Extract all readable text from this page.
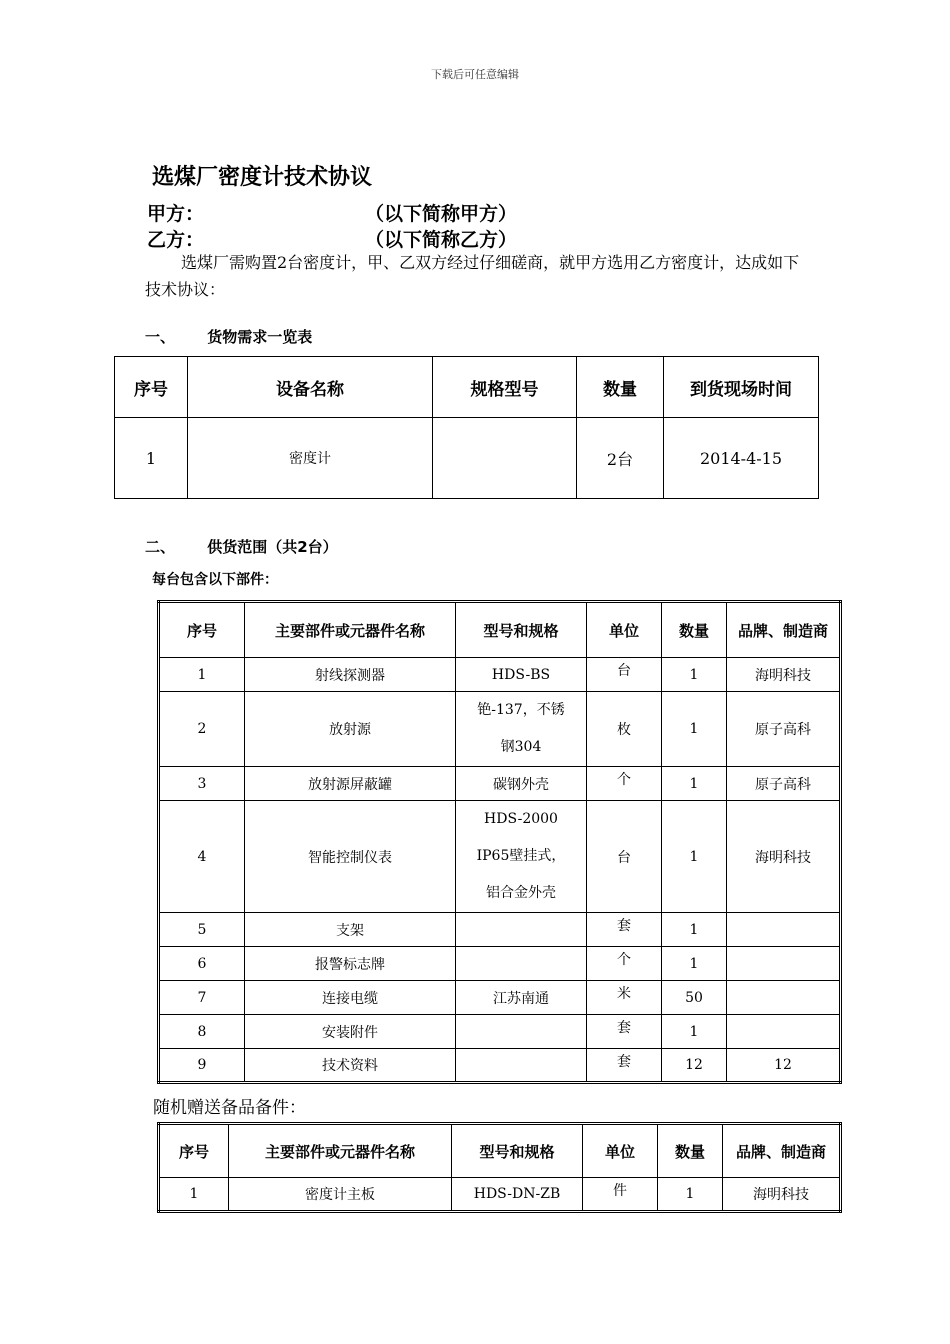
下载后可任意编辑
选煤厂密度计技术协议
甲方：	（以下简称甲方）
乙方：	（以下简称乙方）
选煤厂需购置2台密度计，甲、乙双方经过仔细磋商，就甲方选用乙方密度计，达成如下技术协议：
一、 货物需求一览表
序号	设备名称	规格型号	数量	到货现场时间
1	密度计		2台	2014-4-15
二、 供货范围（共2台）
每台包含以下部件：
序号	主要部件或元器件名称	型号和规格	单位	数量	品牌、制造商
1	射线探测器	HDS-BS	台	1	海明科技
2	放射源	铯-137，不锈
钢304	枚	1	原子高科
3	放射源屏蔽罐	碳钢外壳	个	1	原子高科
4	智能控制仪表	HDS-2000
IP65壁挂式，
铝合金外壳	台	1	海明科技
5	支架		套	1	
6	报警标志牌		个	1	
7	连接电缆	江苏南通	米	50	
8	安装附件		套	1	
9	技术资料		套	12	12
随机赠送备品备件：
序号	主要部件或元器件名称	型号和规格	单位	数量	品牌、制造商
1	密度计主板	HDS-DN-ZB	件	1	海明科技
